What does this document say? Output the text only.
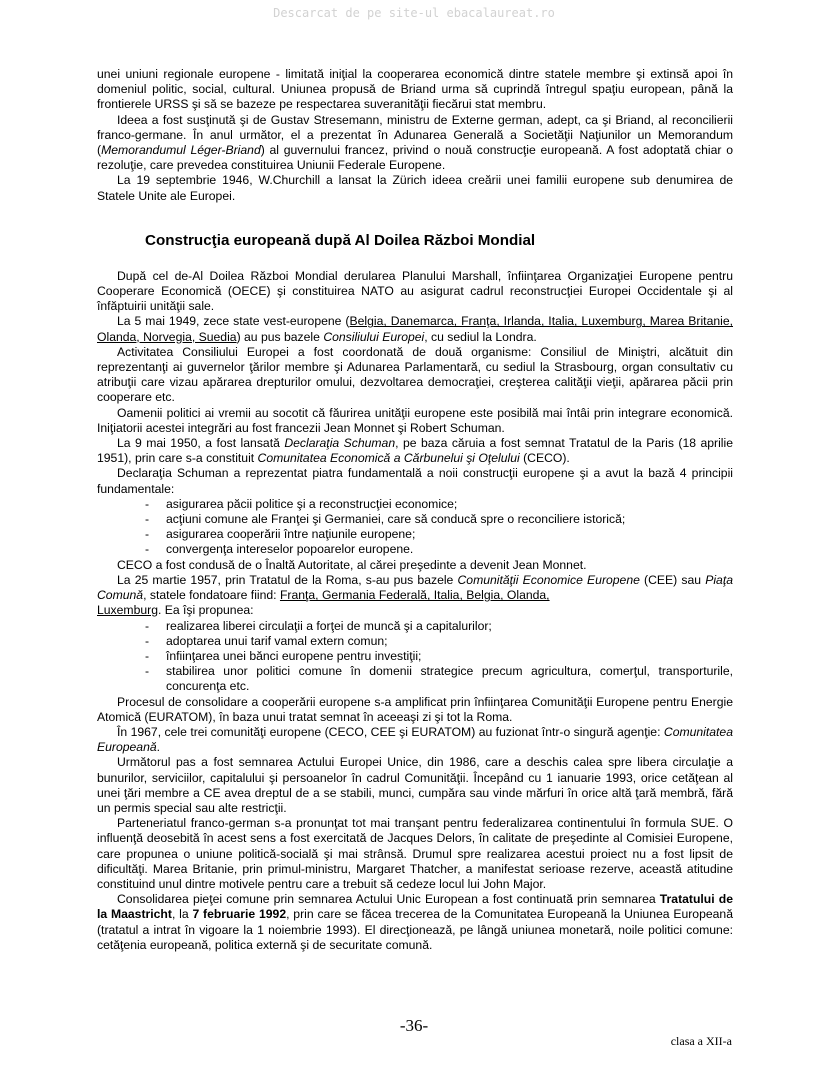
Descarcat de pe site-ul ebacalaureat.ro

unei uniuni regionale europene - limitată iniţial la cooperarea economică dintre statele membre şi extinsă apoi în domeniul politic, social, cultural. Uniunea propusă de Briand urma să cuprindă întregul spaţiu european, până la frontierele URSS şi să se bazeze pe respectarea suveranităţii fiecărui stat membru.

Ideea a fost susţinută şi de Gustav Stresemann, ministru de Externe german, adept, ca şi Briand, al reconcilierii franco-germane. În anul următor, el a prezentat în Adunarea Generală a Societăţii Naţiunilor un Memorandum (Memorandumul Léger-Briand) al guvernului francez, privind o nouă construcţie europeană. A fost adoptată chiar o rezoluţie, care prevedea constituirea Uniunii Federale Europene.

La 19 septembrie 1946, W.Churchill a lansat la Zürich ideea creării unei familii europene sub denumirea de Statele Unite ale Europei.

Construcţia europeană după Al Doilea Război Mondial

După cel de-Al Doilea Război Mondial derularea Planului Marshall, înfiinţarea Organizaţiei Europene pentru Cooperare Economică (OECE) şi constituirea NATO au asigurat cadrul reconstrucţiei Europei Occidentale şi al înfăptuirii unităţii sale.

La 5 mai 1949, zece state vest-europene (Belgia, Danemarca, Franţa, Irlanda, Italia, Luxemburg, Marea Britanie, Olanda, Norvegia, Suedia) au pus bazele Consiliului Europei, cu sediul la Londra.

Activitatea Consiliului Europei a fost coordonată de două organisme: Consiliul de Miniştri, alcătuit din reprezentanţi ai guvernelor ţărilor membre şi Adunarea Parlamentară, cu sediul la Strasbourg, organ consultativ cu atribuţii care vizau apărarea drepturilor omului, dezvoltarea democraţiei, creşterea calităţii vieţii, apărarea păcii prin cooperare etc.

Oamenii politici ai vremii au socotit că făurirea unităţii europene este posibilă mai întâi prin integrare economică. Iniţiatorii acestei integrări au fost francezii Jean Monnet şi Robert Schuman.

La 9 mai 1950, a fost lansată Declaraţia Schuman, pe baza căruia a fost semnat Tratatul de la Paris (18 aprilie 1951), prin care s-a constituit Comunitatea Economică a Cărbunelui şi Oţelului (CECO).

Declaraţia Schuman a reprezentat piatra fundamentală a noii construcţii europene şi a avut la bază 4 principii fundamentale:

- asigurarea păcii politice şi a reconstrucţiei economice;
- acţiuni comune ale Franţei şi Germaniei, care să conducă spre o reconciliere istorică;
- asigurarea cooperării între naţiunile europene;
- convergenţa intereselor popoarelor europene.

CECO a fost condusă de o Înaltă Autoritate, al cărei preşedinte a devenit Jean Monnet.

La 25 martie 1957, prin Tratatul de la Roma, s-au pus bazele Comunităţii Economice Europene (CEE) sau Piaţa Comună, statele fondatoare fiind: Franţa, Germania Federală, Italia, Belgia, Olanda,
Luxemburg. Ea îşi propunea:

- realizarea liberei circulaţii a forţei de muncă şi a capitalurilor;
- adoptarea unui tarif vamal extern comun;
- înfiinţarea unei bănci europene pentru investiţii;
- stabilirea unor politici comune în domenii strategice precum agricultura, comerţul, transporturile, concurenţa etc.

Procesul de consolidare a cooperării europene s-a amplificat prin înfiinţarea Comunităţii Europene pentru Energie Atomică (EURATOM), în baza unui tratat semnat în aceeaşi zi şi tot la Roma.

În 1967, cele trei comunităţi europene (CECO, CEE şi EURATOM) au fuzionat într-o singură agenţie: Comunitatea Europeană.

Următorul pas a fost semnarea Actului Europei Unice, din 1986, care a deschis calea spre libera circulaţie a bunurilor, serviciilor, capitalului şi persoanelor în cadrul Comunităţii. Începând cu 1 ianuarie 1993, orice cetăţean al unei ţări membre a CE avea dreptul de a se stabili, munci, cumpăra sau vinde mărfuri în orice altă ţară membră, fără un permis special sau alte restricţii.

Parteneriatul franco-german s-a pronunţat tot mai tranşant pentru federalizarea continentului în formula SUE. O influenţă deosebită în acest sens a fost exercitată de Jacques Delors, în calitate de preşedinte al Comisiei Europene, care propunea o uniune politică-socială şi mai strânsă. Drumul spre realizarea acestui proiect nu a fost lipsit de dificultăţi. Marea Britanie, prin primul-ministru, Margaret Thatcher, a manifestat serioase rezerve, această atitudine constituind unul dintre motivele pentru care a trebuit să cedeze locul lui John Major.

Consolidarea pieţei comune prin semnarea Actului Unic European a fost continuată prin semnarea Tratatului de la Maastricht, la 7 februarie 1992, prin care se făcea trecerea de la Comunitatea Europeană la Uniunea Europeană (tratatul a intrat în vigoare la 1 noiembrie 1993). El direcţionează, pe lângă uniunea monetară, noile politici comune: cetăţenia europeană, politica externă şi de securitate comună.

-36-
clasa a XII-a
